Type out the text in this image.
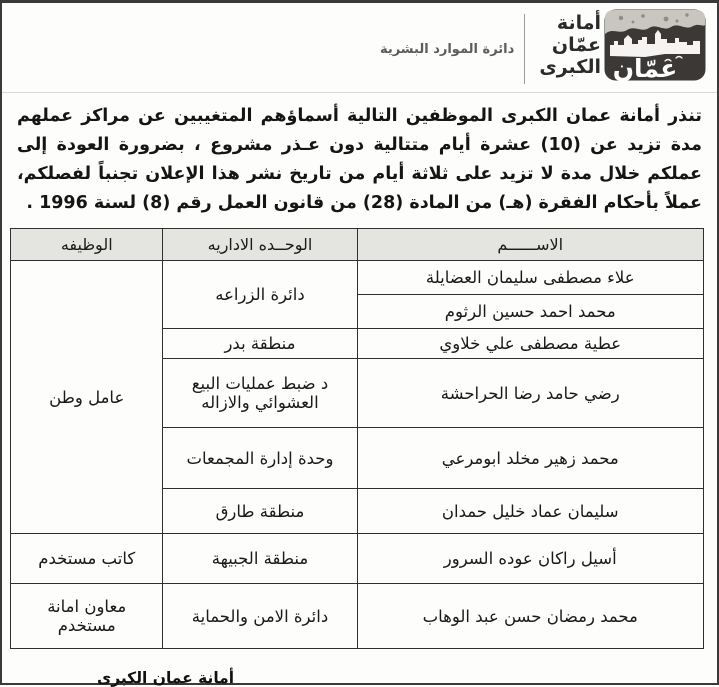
عمّان
أمانة
عمّان
الكبرى
دائرة الموارد البشرية
تنذر أمانة عمان الكبرى الموظفين التالية أسماؤهم المتغيبين عن مراكز عملهم مدة تزيد عن (10) عشرة أيام متتالية دون عـذر مشروع ، بضرورة العودة إلى عملكم خلال مدة لا تزيد على ثلاثة أيام من تاريخ نشر هذا الإعلان تجنباً لفصلكم، عملاً بأحكام الفقرة (هـ) من المادة (28) من قانون العمل رقم (8) لسنة 1996 .
الاســــــم	الوحــده الاداريه	الوظيفه
علاء مصطفى سليمان العضايلة	دائرة الزراعه	عامل وطن
محمد احمد حسين الرثوم		
عطية مصطفى علي خلاوي	منطقة بدر	
رضي حامد رضا الحراحشة	د ضبط عمليات البيع العشوائي والازاله	
محمد زهير مخلد ابومرعي	وحدة إدارة المجمعات	
سليمان عماد خليل حمدان	منطقة طارق	
أسيل راكان عوده السرور	منطقة الجبيهة	كاتب مستخدم
محمد رمضان حسن عبد الوهاب	دائرة الامن والحماية	معاون امانة مستخدم
أمانة عمان الكبرى
